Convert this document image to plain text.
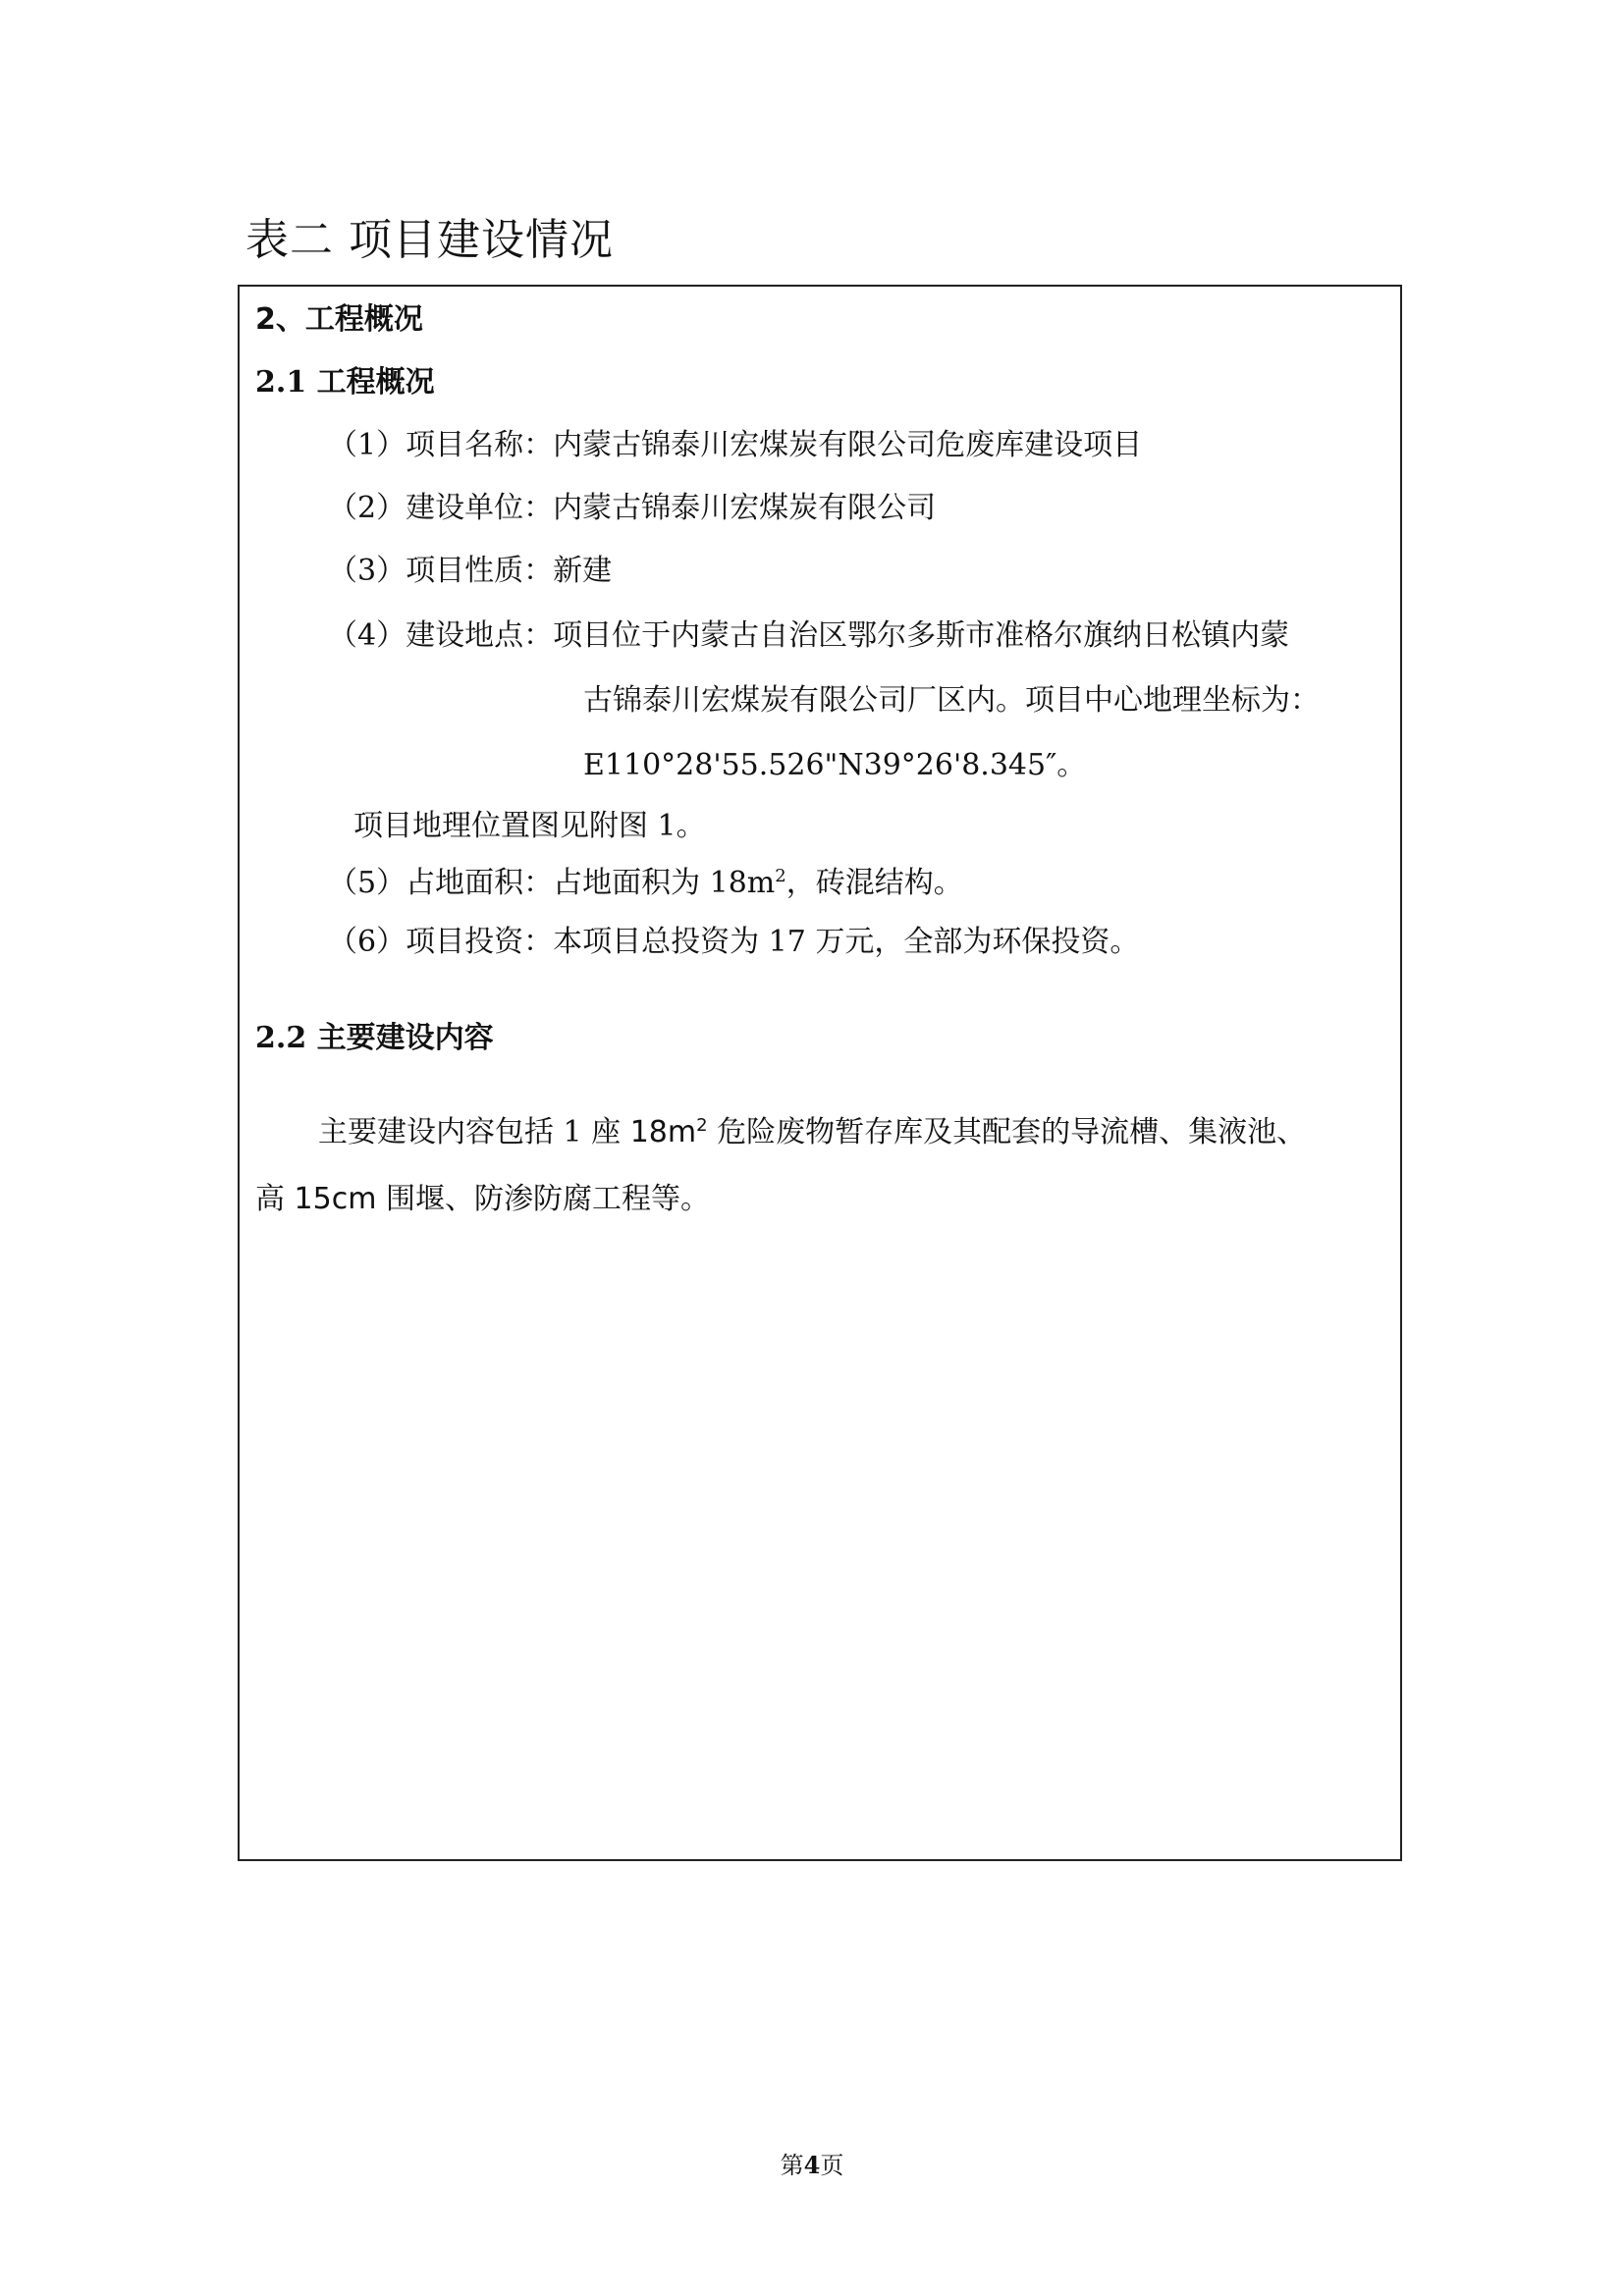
表二 项目建设情况
2、工程概况
2.1 工程概况
（1）项目名称：内蒙古锦泰川宏煤炭有限公司危废库建设项目
（2）建设单位：内蒙古锦泰川宏煤炭有限公司
（3）项目性质：新建
（4）建设地点：项目位于内蒙古自治区鄂尔多斯市准格尔旗纳日松镇内蒙
古锦泰川宏煤炭有限公司厂区内。项目中心地理坐标为：
E110°28'55.526"N39°26'8.345″。
项目地理位置图见附图 1。
（5）占地面积：占地面积为 $18m^2$，砖混结构。
（6）项目投资：本项目总投资为 17 万元，全部为环保投资。
2.2 主要建设内容
主要建设内容包括 1 座 $18m^2$ 危险废物暂存库及其配套的导流槽、集液池、
高 15cm 围堰、防渗防腐工程等。
第4页
